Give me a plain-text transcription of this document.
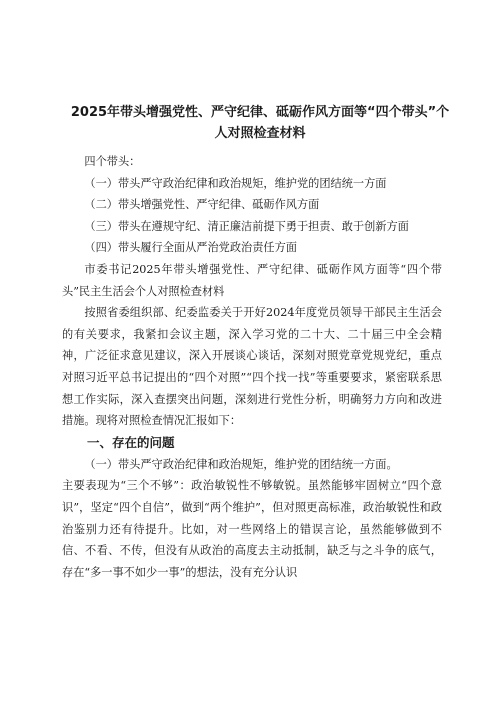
2025年带头增强党性、严守纪律、砥砺作风方面等“四个带头”个
人对照检查材料

四个带头：

（一）带头严守政治纪律和政治规矩，维护党的团结统一方面

（二）带头增强党性、严守纪律、砥砺作风方面

（三）带头在遵规守纪、清正廉洁前提下勇于担责、敢于创新方面

（四）带头履行全面从严治党政治责任方面

市委书记2025年带头增强党性、严守纪律、砥砺作风方面等“四个带头”民主生活会个人对照检查材料

按照省委组织部、纪委监委关于开好2024年度党员领导干部民主生活会的有关要求，我紧扣会议主题，深入学习党的二十大、二十届三中全会精神，广泛征求意见建议，深入开展谈心谈话，深刻对照党章党规党纪，重点对照习近平总书记提出的“四个对照”“四个找一找”等重要要求，紧密联系思想工作实际，深入查摆突出问题，深刻进行党性分析，明确努力方向和改进措施。现将对照检查情况汇报如下：

一、存在的问题

（一）带头严守政治纪律和政治规矩，维护党的团结统一方面。

主要表现为“三个不够”：政治敏锐性不够敏锐。虽然能够牢固树立“四个意识”，坚定“四个自信”，做到“两个维护”，但对照更高标准，政治敏锐性和政治鉴别力还有待提升。比如，对一些网络上的错误言论，虽然能够做到不信、不看、不传，但没有从政治的高度去主动抵制，缺乏与之斗争的底气，存在“多一事不如少一事”的想法，没有充分认识
